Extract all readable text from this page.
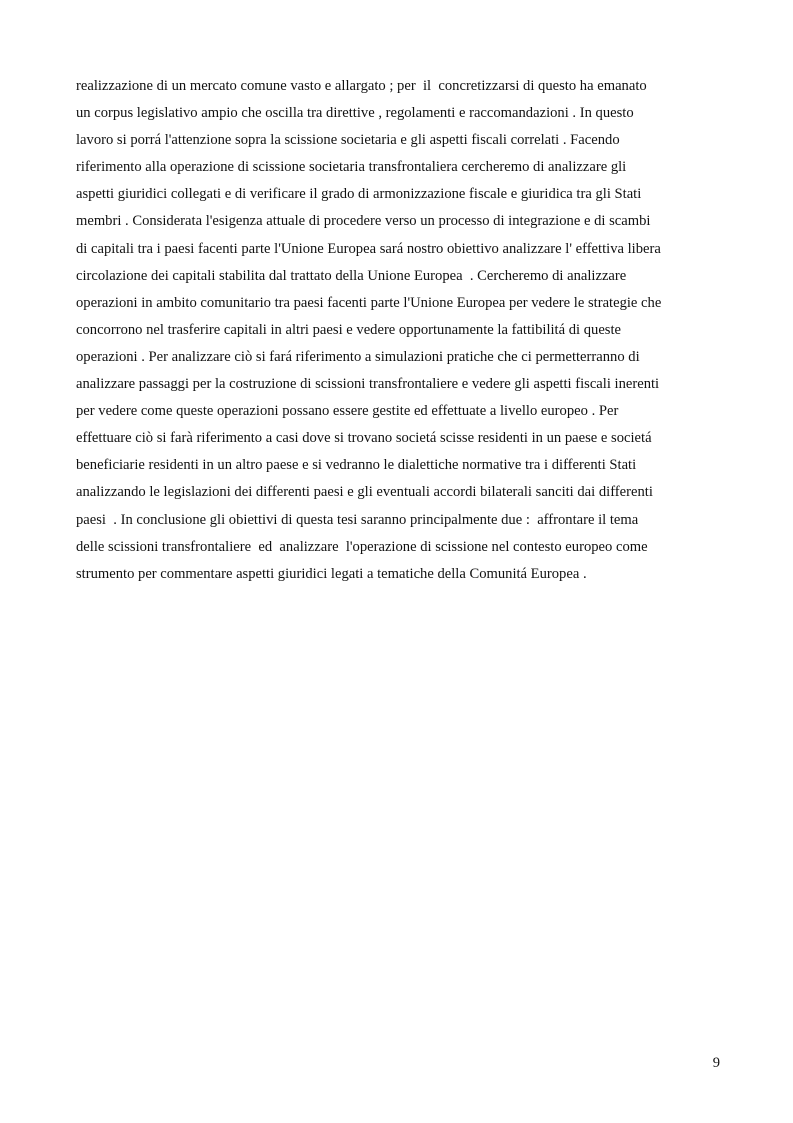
realizzazione di un mercato comune vasto e allargato ; per  il  concretizzarsi di questo ha emanato
un corpus legislativo ampio che oscilla tra direttive , regolamenti e raccomandazioni . In questo
lavoro si porrá l'attenzione sopra la scissione societaria e gli aspetti fiscali correlati . Facendo
riferimento alla operazione di scissione societaria transfrontaliera cercheremo di analizzare gli
aspetti giuridici collegati e di verificare il grado di armonizzazione fiscale e giuridica tra gli Stati
membri . Considerata l'esigenza attuale di procedere verso un processo di integrazione e di scambi
di capitali tra i paesi facenti parte l'Unione Europea sará nostro obiettivo analizzare l' effettiva libera
circolazione dei capitali stabilita dal trattato della Unione Europea  . Cercheremo di analizzare
operazioni in ambito comunitario tra paesi facenti parte l'Unione Europea per vedere le strategie che
concorrono nel trasferire capitali in altri paesi e vedere opportunamente la fattibilitá di queste
operazioni . Per analizzare ciò si fará riferimento a simulazioni pratiche che ci permetterranno di
analizzare passaggi per la costruzione di scissioni transfrontaliere e vedere gli aspetti fiscali inerenti
per vedere come queste operazioni possano essere gestite ed effettuate a livello europeo . Per
effettuare ciò si farà riferimento a casi dove si trovano societá scisse residenti in un paese e societá
beneficiarie residenti in un altro paese e si vedranno le dialettiche normative tra i differenti Stati
analizzando le legislazioni dei differenti paesi e gli eventuali accordi bilaterali sanciti dai differenti
paesi  . In conclusione gli obiettivi di questa tesi saranno principalmente due :  affrontare il tema
delle scissioni transfrontaliere  ed  analizzare  l'operazione di scissione nel contesto europeo come
strumento per commentare aspetti giuridici legati a tematiche della Comunitá Europea .

9
